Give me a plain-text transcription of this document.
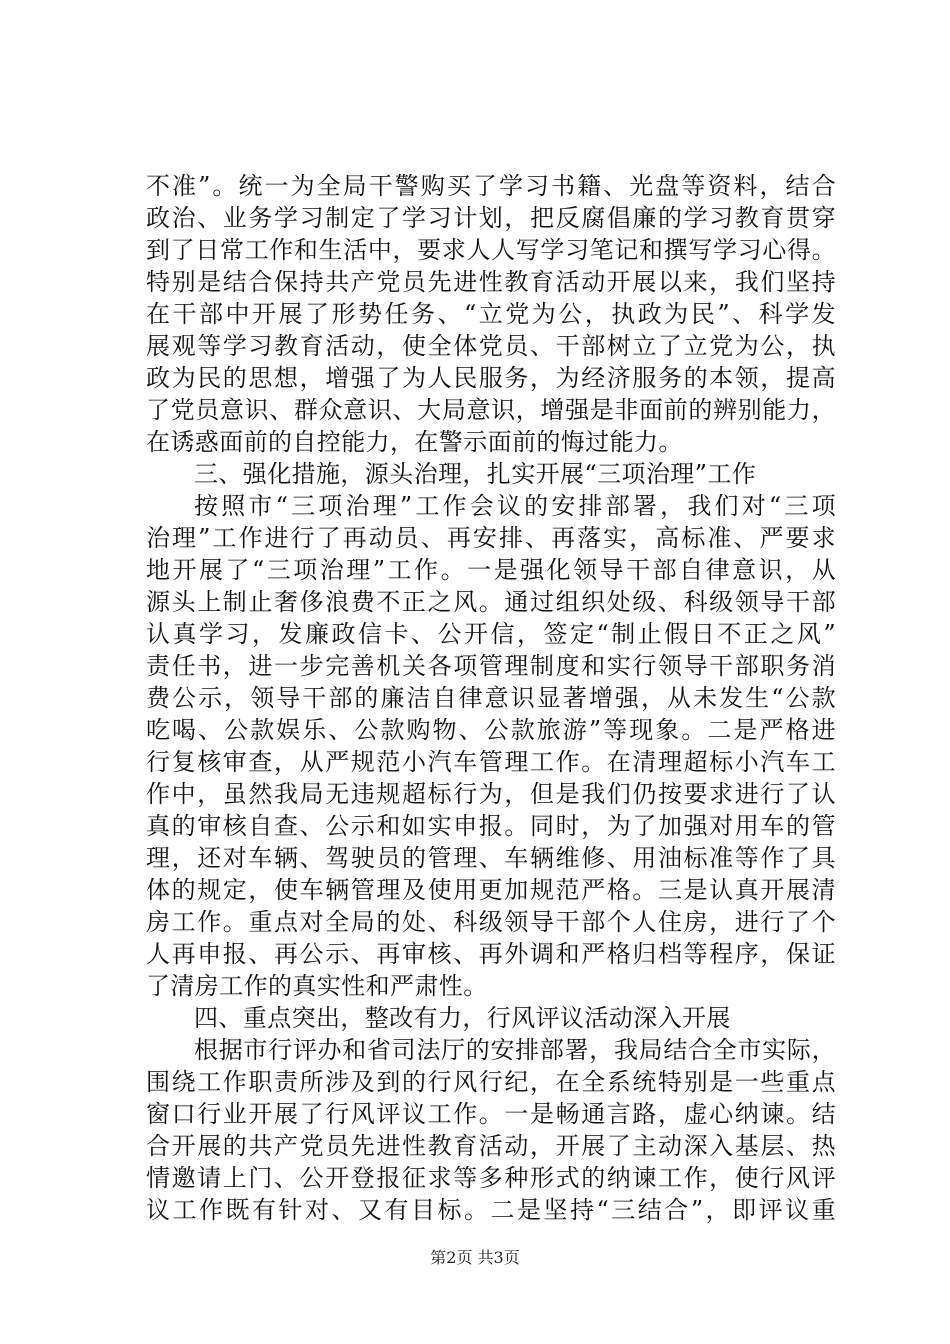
不准”。统一为全局干警购买了学习书籍、光盘等资料，结合
政治、业务学习制定了学习计划，把反腐倡廉的学习教育贯穿
到了日常工作和生活中，要求人人写学习笔记和撰写学习心得。
特别是结合保持共产党员先进性教育活动开展以来，我们坚持
在干部中开展了形势任务、“立党为公，执政为民”、科学发
展观等学习教育活动，使全体党员、干部树立了立党为公，执
政为民的思想，增强了为人民服务，为经济服务的本领，提高
了党员意识、群众意识、大局意识，增强是非面前的辨别能力，
在诱惑面前的自控能力，在警示面前的悔过能力。
三、强化措施，源头治理，扎实开展“三项治理”工作
按照市“三项治理”工作会议的安排部署，我们对“三项
治理”工作进行了再动员、再安排、再落实，高标准、严要求
地开展了“三项治理”工作。一是强化领导干部自律意识，从
源头上制止奢侈浪费不正之风。通过组织处级、科级领导干部
认真学习，发廉政信卡、公开信，签定“制止假日不正之风”
责任书，进一步完善机关各项管理制度和实行领导干部职务消
费公示，领导干部的廉洁自律意识显著增强，从未发生“公款
吃喝、公款娱乐、公款购物、公款旅游”等现象。二是严格进
行复核审查，从严规范小汽车管理工作。在清理超标小汽车工
作中，虽然我局无违规超标行为，但是我们仍按要求进行了认
真的审核自查、公示和如实申报。同时，为了加强对用车的管
理，还对车辆、驾驶员的管理、车辆维修、用油标准等作了具
体的规定，使车辆管理及使用更加规范严格。三是认真开展清
房工作。重点对全局的处、科级领导干部个人住房，进行了个
人再申报、再公示、再审核、再外调和严格归档等程序，保证
了清房工作的真实性和严肃性。
四、重点突出，整改有力，行风评议活动深入开展
根据市行评办和省司法厅的安排部署，我局结合全市实际，
围绕工作职责所涉及到的行风行纪，在全系统特别是一些重点
窗口行业开展了行风评议工作。一是畅通言路，虚心纳谏。结
合开展的共产党员先进性教育活动，开展了主动深入基层、热
情邀请上门、公开登报征求等多种形式的纳谏工作，使行风评
议工作既有针对、又有目标。二是坚持“三结合”，即评议重
第2页 共3页
